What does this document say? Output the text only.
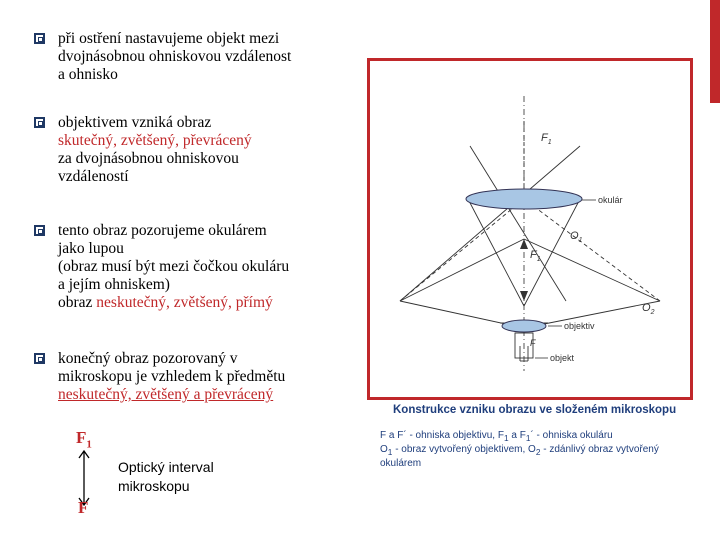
při ostření nastavujeme objekt mezi
dvojnásobnou ohniskovou vzdálenost
a ohnisko
objektivem vzniká obraz
skutečný, zvětšený, převrácený
za dvojnásobnou ohniskovou
vzdáleností
tento obraz pozorujeme okulárem
jako lupou
(obraz musí být mezi čočkou okuláru
a jejím ohniskem)
obraz neskutečný, zvětšený, přímý
konečný obraz pozorovaný v
mikroskopu je vzhledem k předmětu
neskutečný, zvětšený a převrácený
$F_1$
F
Optický interval
mikroskopu
$F_1$
okulár
$O_1$
$F_1$
$O_2$
objektiv
objekt
F
Konstrukce vzniku obrazu ve složeném mikroskopu
F a F´ - ohniska objektivu, $F_1$ a $F_1´$ - ohniska okuláru
$O_1$ - obraz vytvořený objektivem, $O_2$ - zdánlivý obraz vytvořený okulárem
